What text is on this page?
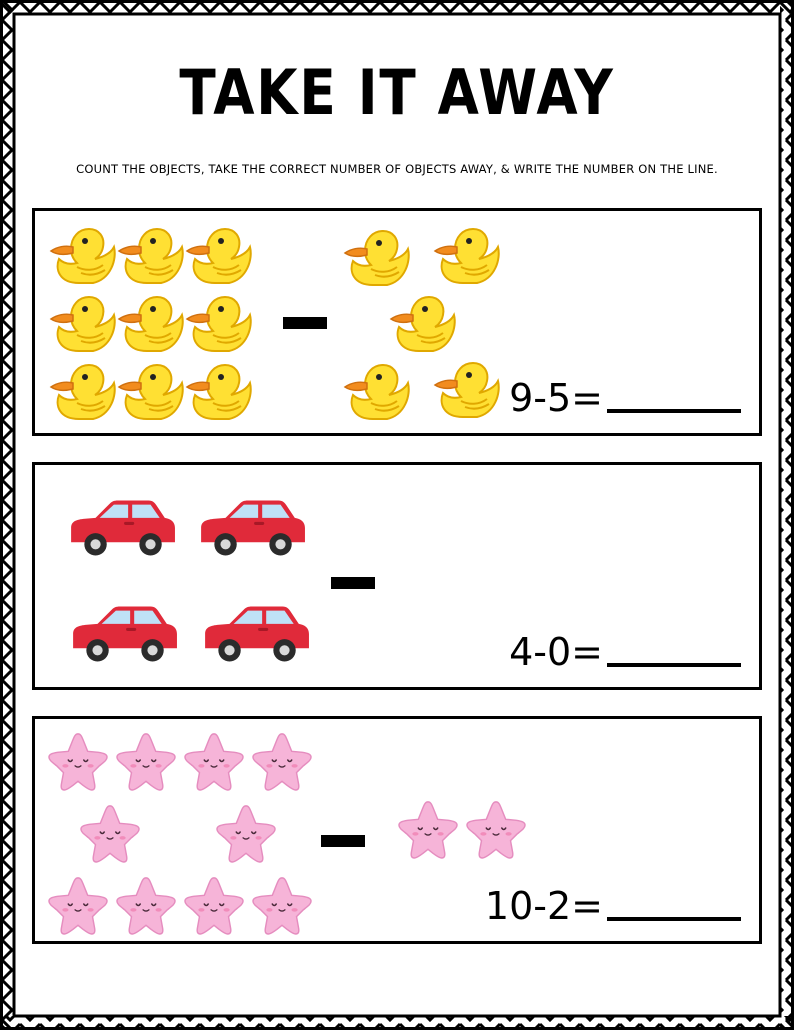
TAKE IT AWAY

COUNT THE OBJECTS, TAKE THE CORRECT NUMBER OF OBJECTS AWAY, & WRITE THE NUMBER ON THE LINE.

9-5=
4-0=
10-2=
